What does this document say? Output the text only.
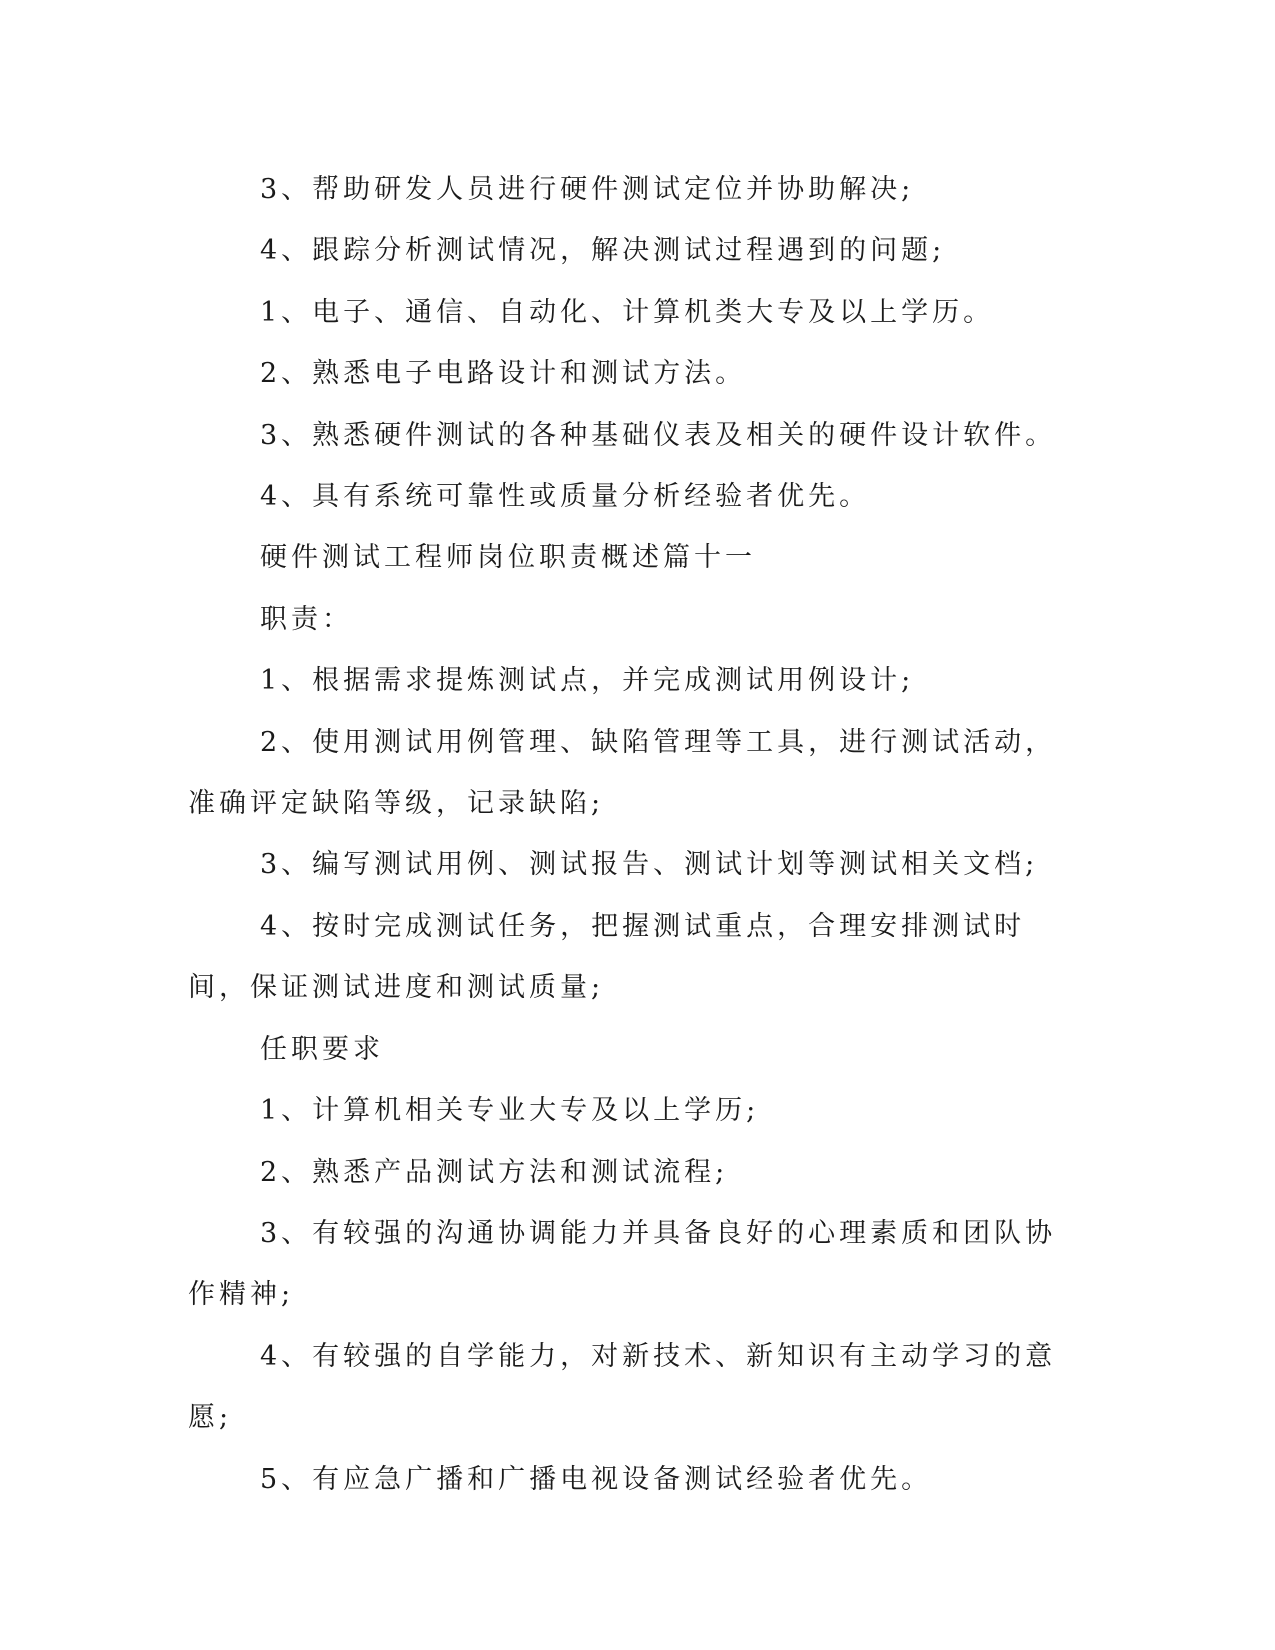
3、帮助研发人员进行硬件测试定位并协助解决;

4、跟踪分析测试情况，解决测试过程遇到的问题;

1、电子、通信、自动化、计算机类大专及以上学历。

2、熟悉电子电路设计和测试方法。

3、熟悉硬件测试的各种基础仪表及相关的硬件设计软件。

4、具有系统可靠性或质量分析经验者优先。

硬件测试工程师岗位职责概述篇十一

职责：

1、根据需求提炼测试点，并完成测试用例设计;

2、使用测试用例管理、缺陷管理等工具，进行测试活动，准确评定缺陷等级，记录缺陷;

3、编写测试用例、测试报告、测试计划等测试相关文档;

4、按时完成测试任务，把握测试重点，合理安排测试时间，保证测试进度和测试质量;

任职要求

1、计算机相关专业大专及以上学历;

2、熟悉产品测试方法和测试流程;

3、有较强的沟通协调能力并具备良好的心理素质和团队协作精神;

4、有较强的自学能力，对新技术、新知识有主动学习的意愿;

5、有应急广播和广播电视设备测试经验者优先。
